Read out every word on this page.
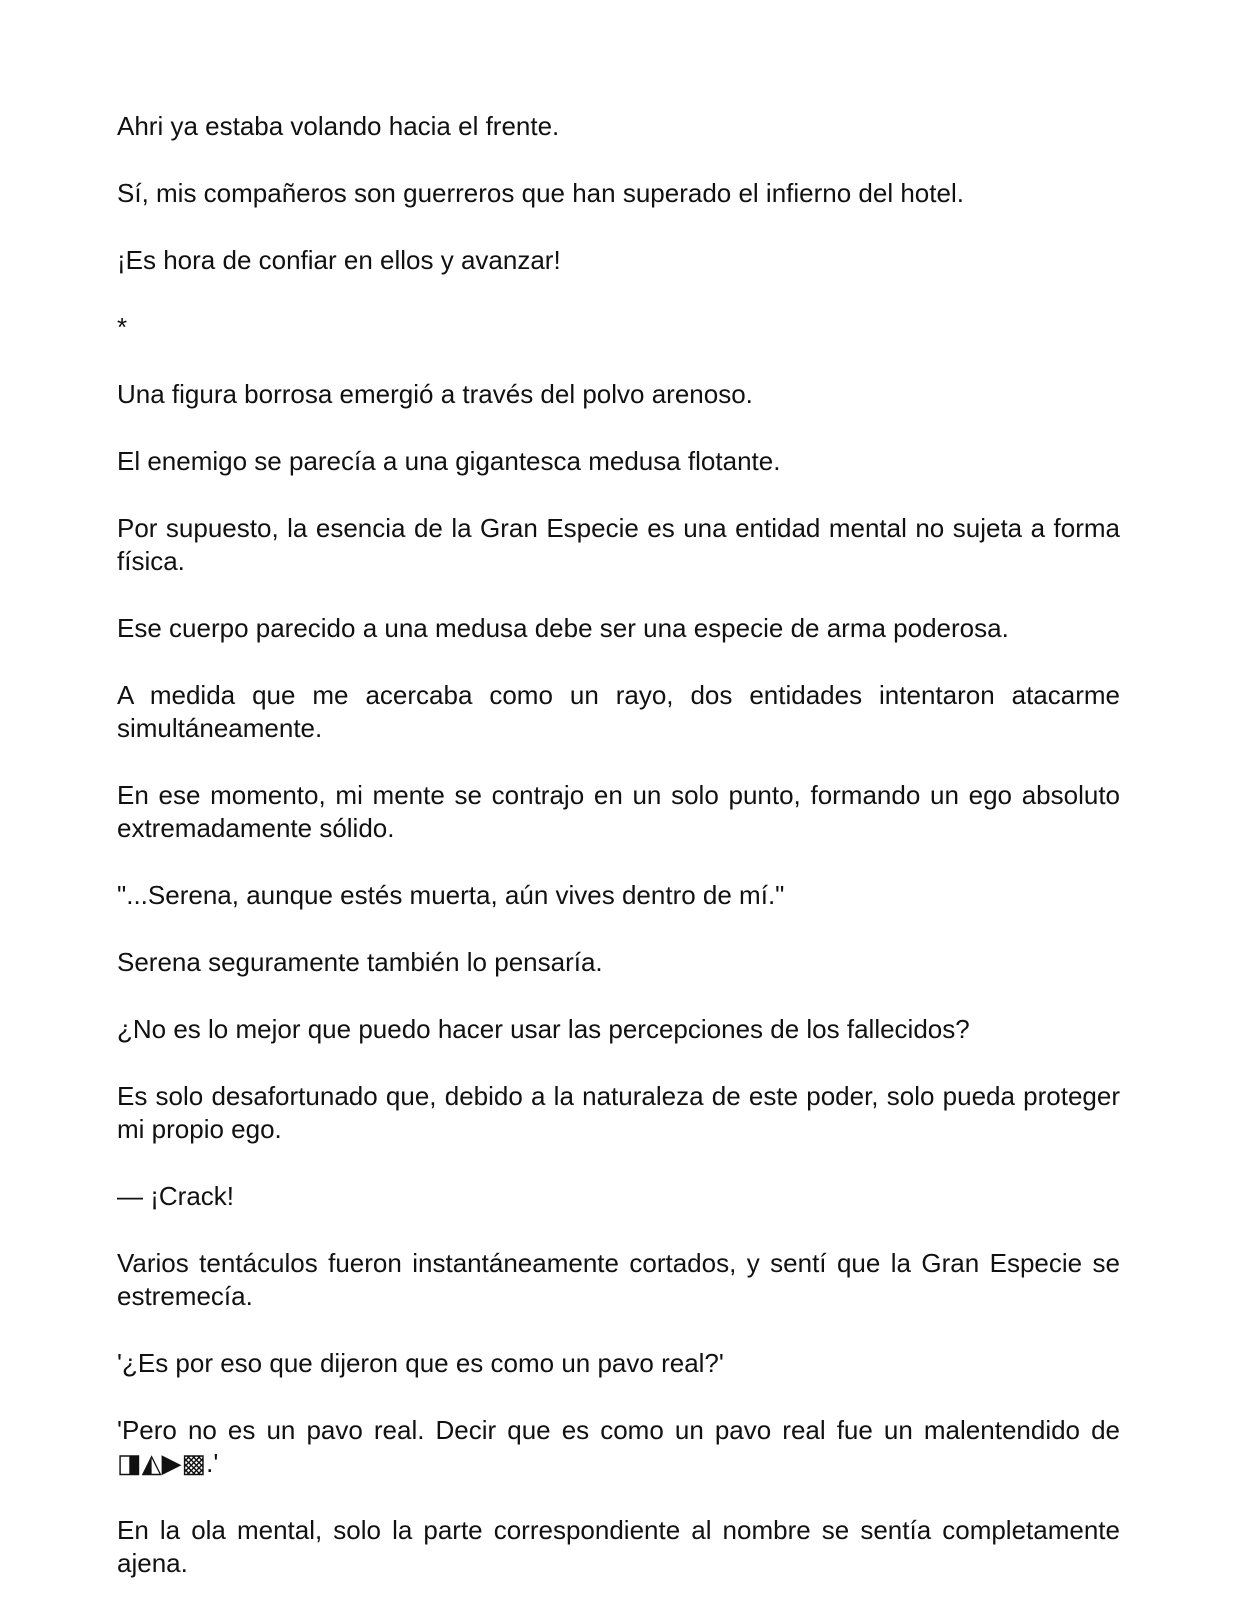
Ahri ya estaba volando hacia el frente.

Sí, mis compañeros son guerreros que han superado el infierno del hotel.

¡Es hora de confiar en ellos y avanzar!

*

Una figura borrosa emergió a través del polvo arenoso.

El enemigo se parecía a una gigantesca medusa flotante.

Por supuesto, la esencia de la Gran Especie es una entidad mental no sujeta a forma física.

Ese cuerpo parecido a una medusa debe ser una especie de arma poderosa.

A medida que me acercaba como un rayo, dos entidades intentaron atacarme simultáneamente.

En ese momento, mi mente se contrajo en un solo punto, formando un ego absoluto extremadamente sólido.

"...Serena, aunque estés muerta, aún vives dentro de mí."

Serena seguramente también lo pensaría.

¿No es lo mejor que puedo hacer usar las percepciones de los fallecidos?

Es solo desafortunado que, debido a la naturaleza de este poder, solo pueda proteger mi propio ego.

— ¡Crack!

Varios tentáculos fueron instantáneamente cortados, y sentí que la Gran Especie se estremecía.

'¿Es por eso que dijeron que es como un pavo real?'

'Pero no es un pavo real. Decir que es como un pavo real fue un malentendido de ◨◭▶▩.'

En la ola mental, solo la parte correspondiente al nombre se sentía completamente ajena.
